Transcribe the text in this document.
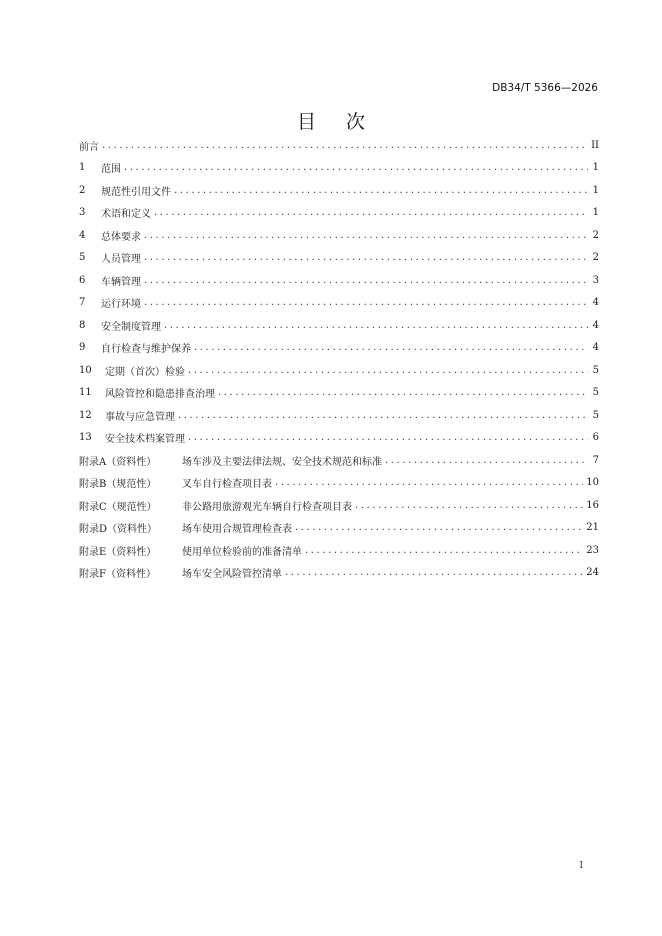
DB34/T 5366—2026
目 次
前言 .....	II
1	范围 .....	1
2	规范性引用文件 .....	1
3	术语和定义 .....	1
4	总体要求 .....	2
5	人员管理 .....	2
6	车辆管理 .....	3
7	运行环境 .....	4
8	安全制度管理 .....	4
9	自行检查与维护保养 .....	4
10	定期（首次）检验 .....	5
11	风险管控和隐患排查治理 .....	5
12	事故与应急管理 .....	5
13	安全技术档案管理 .....	6
附录A（资料性）	场车涉及主要法律法规、安全技术规范和标准 .....	7
附录B（规范性）	叉车自行检查项目表 .....	10
附录C（规范性）	非公路用旅游观光车辆自行检查项目表 .....	16
附录D（资料性）	场车使用合规管理检查表 .....	21
附录E（资料性）	使用单位检验前的准备清单 .....	23
附录F（资料性）	场车安全风险管控清单 .....	24
I
